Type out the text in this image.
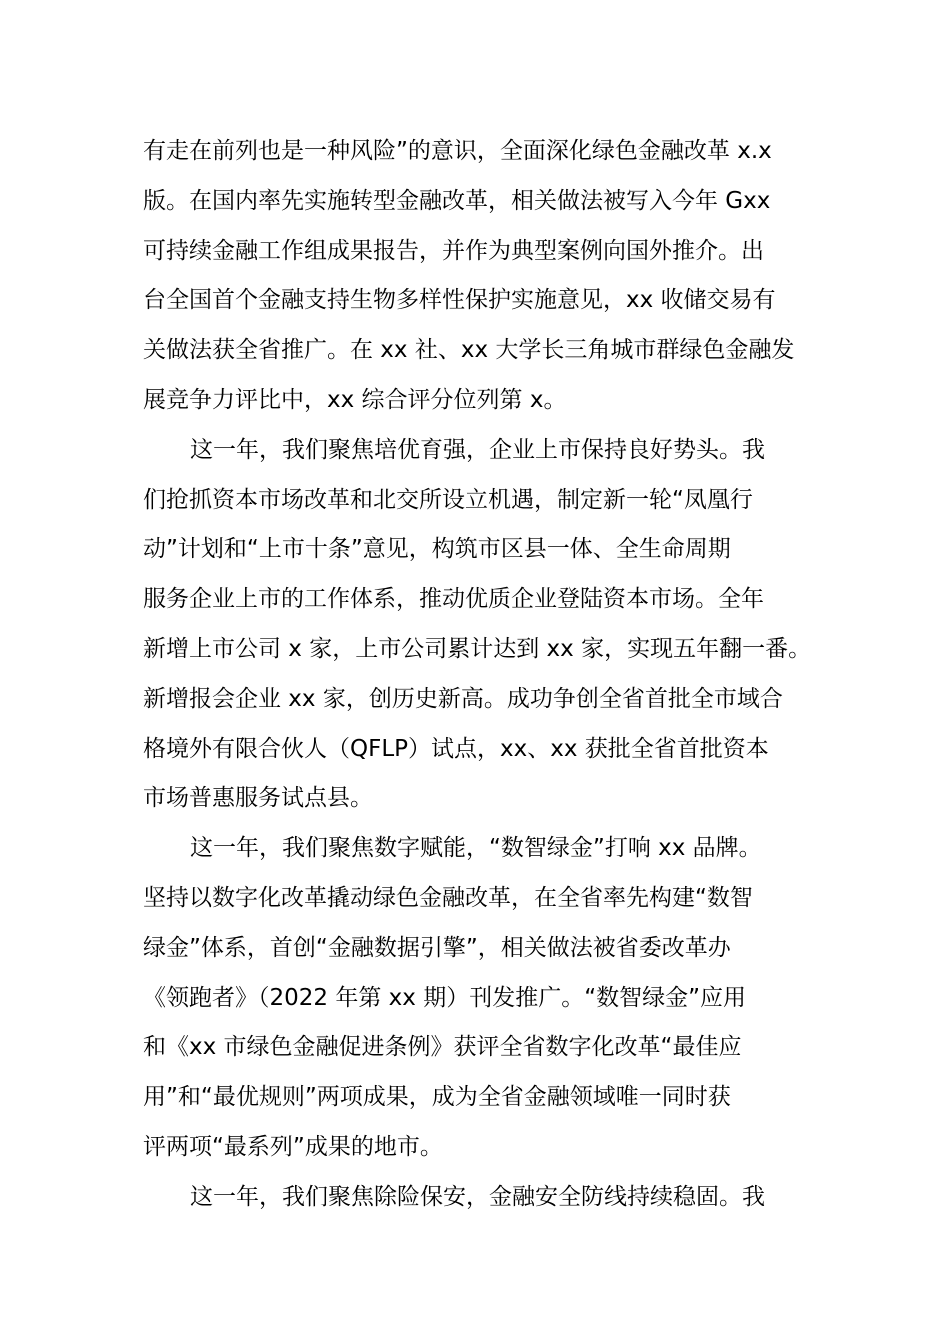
有走在前列也是一种风险”的意识，全面深化绿色金融改革 x.x
版。在国内率先实施转型金融改革，相关做法被写入今年 Gxx
可持续金融工作组成果报告，并作为典型案例向国外推介。出
台全国首个金融支持生物多样性保护实施意见，xx 收储交易有
关做法获全省推广。在 xx 社、xx 大学长三角城市群绿色金融发
展竞争力评比中，xx 综合评分位列第 x。
这一年，我们聚焦培优育强，企业上市保持良好势头。我
们抢抓资本市场改革和北交所设立机遇，制定新一轮“凤凰行
动”计划和“上市十条”意见，构筑市区县一体、全生命周期
服务企业上市的工作体系，推动优质企业登陆资本市场。全年
新增上市公司 x 家，上市公司累计达到 xx 家，实现五年翻一番。
新增报会企业 xx 家，创历史新高。成功争创全省首批全市域合
格境外有限合伙人（QFLP）试点，xx、xx 获批全省首批资本
市场普惠服务试点县。
这一年，我们聚焦数字赋能，“数智绿金”打响 xx 品牌。
坚持以数字化改革撬动绿色金融改革，在全省率先构建“数智
绿金”体系，首创“金融数据引擎”，相关做法被省委改革办
《领跑者》（2022 年第 xx 期）刊发推广。“数智绿金”应用
和《xx 市绿色金融促进条例》获评全省数字化改革“最佳应
用”和“最优规则”两项成果，成为全省金融领域唯一同时获
评两项“最系列”成果的地市。
这一年，我们聚焦除险保安，金融安全防线持续稳固。我
